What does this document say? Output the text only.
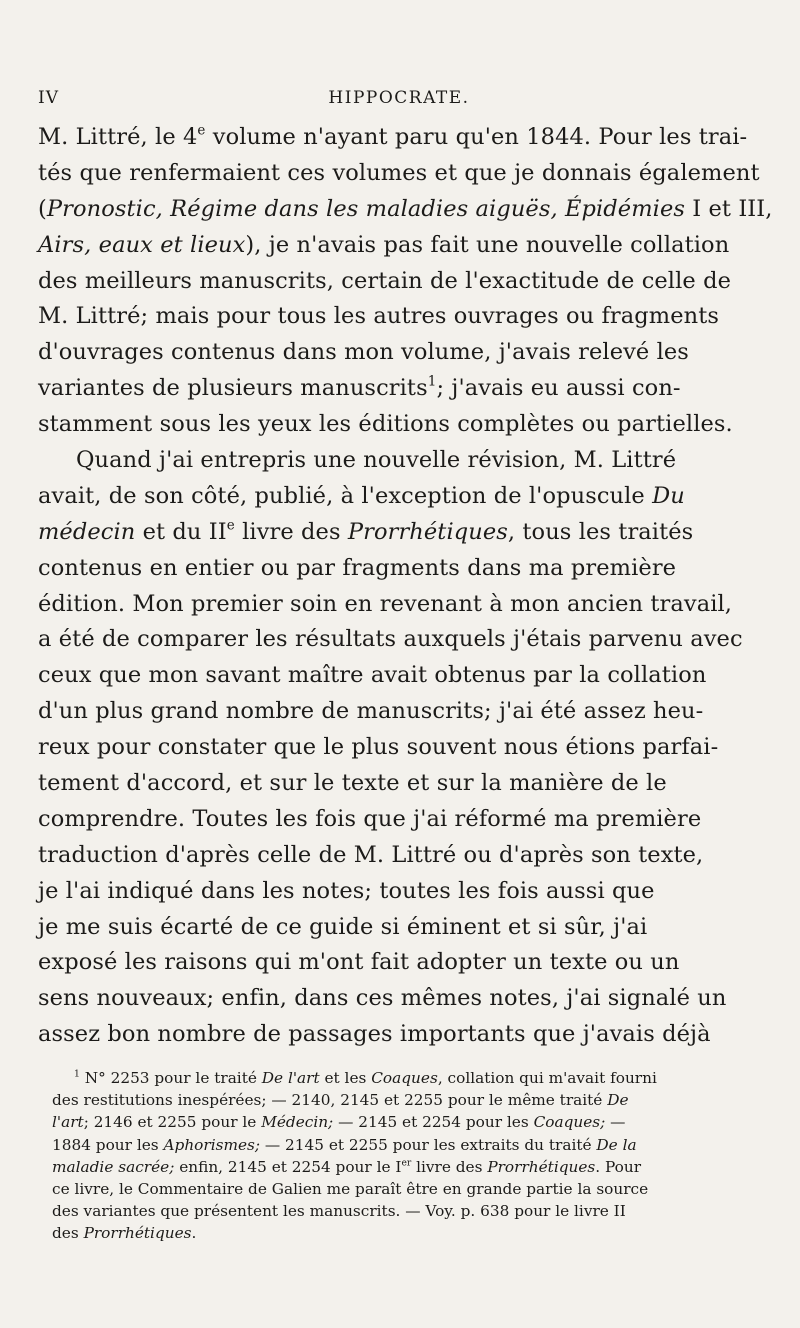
IV	HIPPOCRATE.
M. Littré, le 4e volume n'ayant paru qu'en 1844. Pour les trai-
tés que renfermaient ces volumes et que je donnais également
(Pronostic, Régime dans les maladies aiguës, Épidémies I et III,
Airs, eaux et lieux), je n'avais pas fait une nouvelle collation
des meilleurs manuscrits, certain de l'exactitude de celle de
M. Littré; mais pour tous les autres ouvrages ou fragments
d'ouvrages contenus dans mon volume, j'avais relevé les
variantes de plusieurs manuscrits$^1$; j'avais eu aussi con-
stamment sous les yeux les éditions complètes ou partielles.
Quand j'ai entrepris une nouvelle révision, M. Littré
avait, de son côté, publié, à l'exception de l'opuscule Du
médecin et du IIe livre des Prorrhétiques, tous les traités
contenus en entier ou par fragments dans ma première
édition. Mon premier soin en revenant à mon ancien travail,
a été de comparer les résultats auxquels j'étais parvenu avec
ceux que mon savant maître avait obtenus par la collation
d'un plus grand nombre de manuscrits; j'ai été assez heu-
reux pour constater que le plus souvent nous étions parfai-
tement d'accord, et sur le texte et sur la manière de le
comprendre. Toutes les fois que j'ai réformé ma première
traduction d'après celle de M. Littré ou d'après son texte,
je l'ai indiqué dans les notes; toutes les fois aussi que
je me suis écarté de ce guide si éminent et si sûr, j'ai
exposé les raisons qui m'ont fait adopter un texte ou un
sens nouveaux; enfin, dans ces mêmes notes, j'ai signalé un
assez bon nombre de passages importants que j'avais déjà
$^1$ N° 2253 pour le traité De l'art et les Coaques, collation qui m'avait fourni
des restitutions inespérées; — 2140, 2145 et 2255 pour le même traité De
l'art; 2146 et 2255 pour le Médecin; — 2145 et 2254 pour les Coaques; —
1884 pour les Aphorismes; — 2145 et 2255 pour les extraits du traité De la
maladie sacrée; enfin, 2145 et 2254 pour le Ier livre des Prorrhétiques. Pour
ce livre, le Commentaire de Galien me paraît être en grande partie la source
des variantes que présentent les manuscrits. — Voy. p. 638 pour le livre II
des Prorrhétiques.
